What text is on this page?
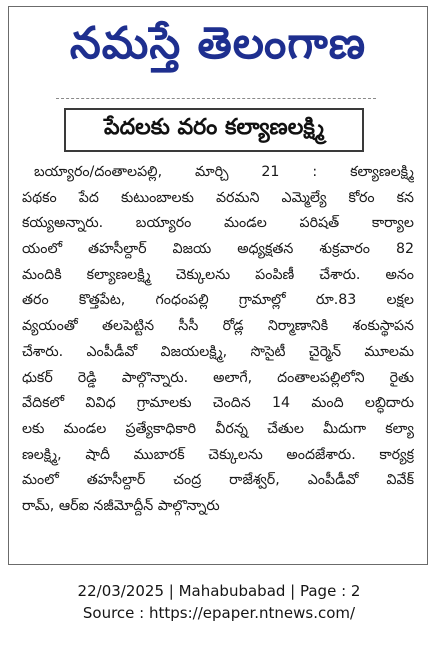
నమస్తే తెలంగాణ
పేదలకు వరం కల్యాణలక్ష్మి
బయ్యారం/దంతాలపల్లి, మార్చి 21 : కల్యాణలక్ష్మి
పథకం పేద కుటుంబాలకు వరమని ఎమ్మెల్యే కోరం కన
కయ్యఅన్నారు. బయ్యారం మండల పరిషత్ కార్యాల
యంలో తహసీల్దార్ విజయ అధ్యక్షతన శుక్రవారం 82
మందికి కల్యాణలక్ష్మి చెక్కులను పంపిణీ చేశారు. అనం
తరం కొత్తపేట, గంధంపల్లి గ్రామాల్లో రూ.83 లక్షల
వ్యయంతో తలపెట్టిన సీసీ రోడ్ల నిర్మాణానికి శంకుస్థాపన
చేశారు. ఎంపీడీవో విజయలక్ష్మి, సొసైటీ చైర్మెన్ మూలమ
ధుకర్ రెడ్డి పాల్గొన్నారు. అలాగే, దంతాలపల్లిలోని రైతు
వేదికలో వివిధ గ్రామాలకు చెందిన 14 మంది లబ్ధిదారు
లకు మండల ప్రత్యేకాధికారి వీరన్న చేతుల మీదుగా కల్యా
ణలక్ష్మి, షాదీ ముబారక్ చెక్కులను అందజేశారు. కార్యక్ర
మంలో తహసీల్దార్ చంద్ర రాజేశ్వర్, ఎంపీడీవో వివేక్
రామ్, ఆర్ఐ నజీమోద్దీన్ పాల్గొన్నారు
22/03/2025 | Mahabubabad | Page : 2
Source : https://epaper.ntnews.com/
